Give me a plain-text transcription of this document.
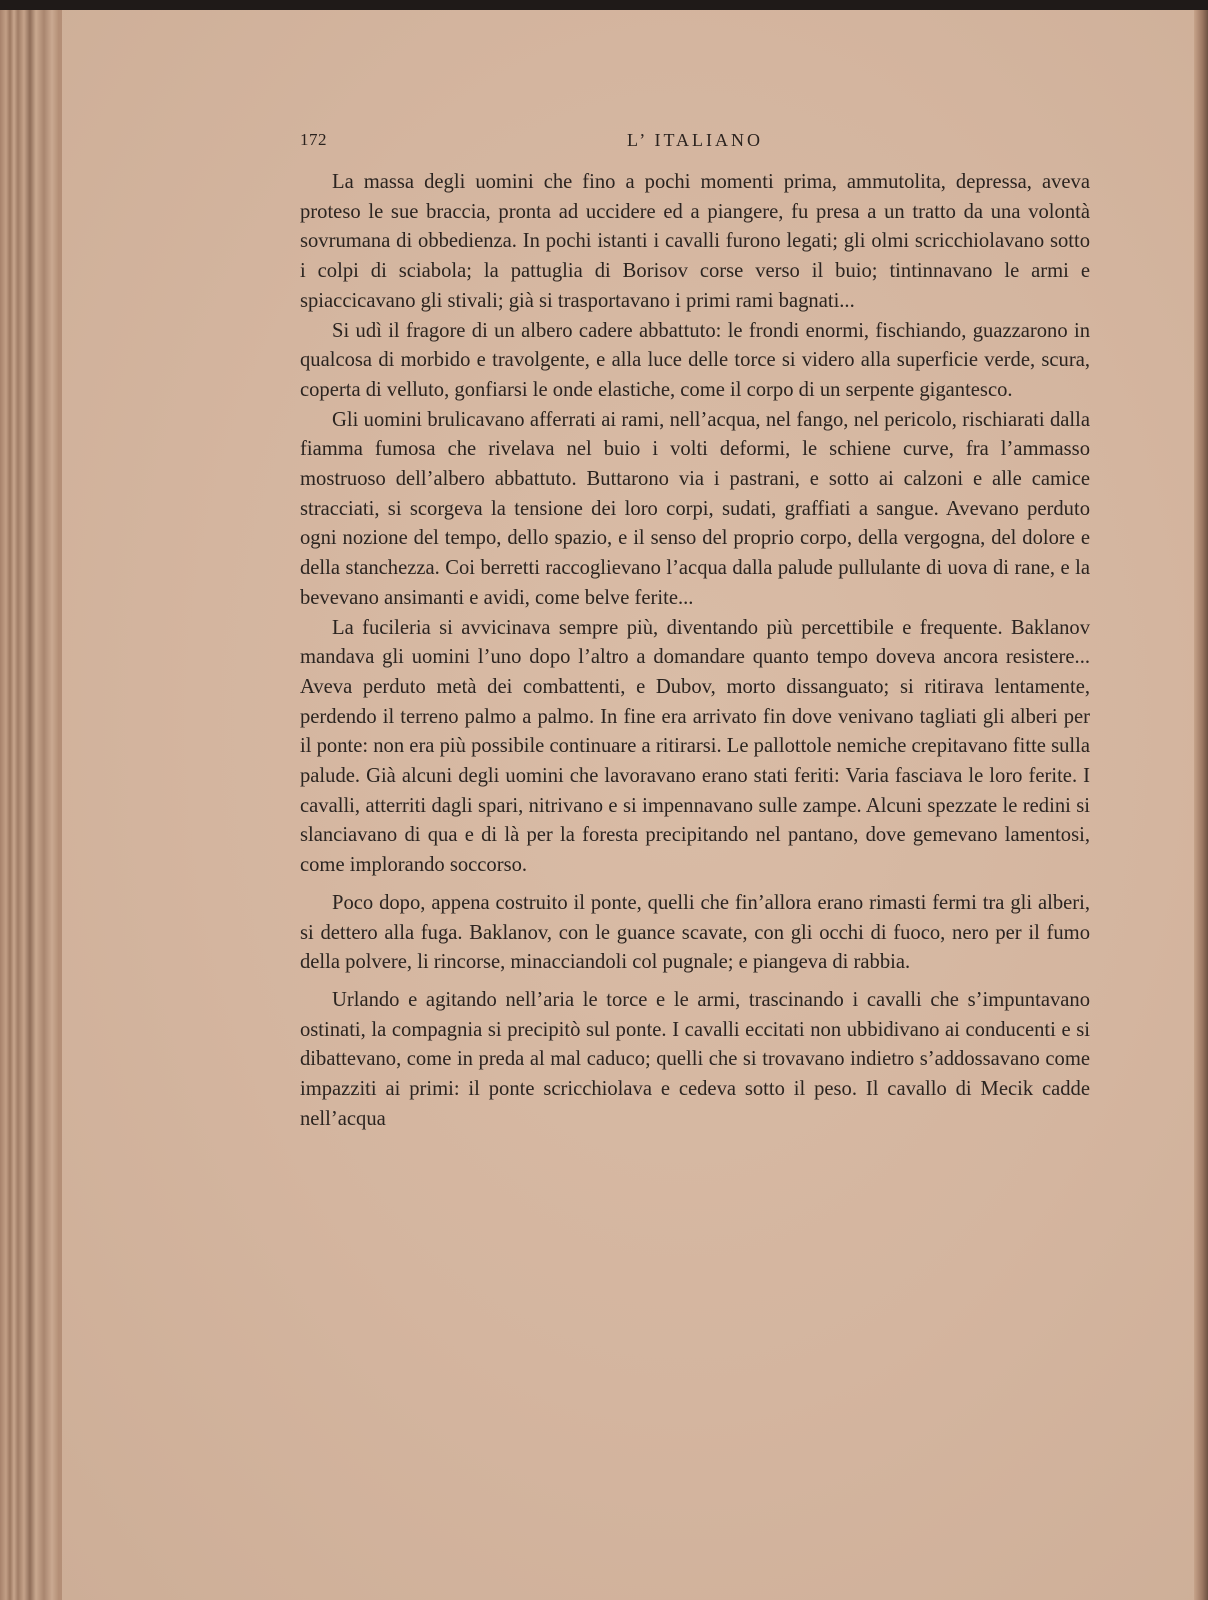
172	L’ ITALIANO

La massa degli uomini che fino a pochi momenti prima, ammutolita, depressa, aveva proteso le sue braccia, pronta ad uccidere ed a piangere, fu presa a un tratto da una volontà sovrumana di obbedienza. In pochi istanti i cavalli furono legati; gli olmi scricchiolavano sotto i colpi di sciabola; la pattuglia di Borisov corse verso il buio; tintinnavano le armi e spiaccicavano gli stivali; già si trasportavano i primi rami bagnati...

Si udì il fragore di un albero cadere abbattuto: le frondi enormi, fischiando, guazzarono in qualcosa di morbido e travolgente, e alla luce delle torce si videro alla superficie verde, scura, coperta di velluto, gonfiarsi le onde elastiche, come il corpo di un serpente gigantesco.

Gli uomini brulicavano afferrati ai rami, nell’acqua, nel fango, nel pericolo, rischiarati dalla fiamma fumosa che rivelava nel buio i volti deformi, le schiene curve, fra l’ammasso mostruoso dell’albero abbattuto. Buttarono via i pastrani, e sotto ai calzoni e alle camice stracciati, si scorgeva la tensione dei loro corpi, sudati, graffiati a sangue. Avevano perduto ogni nozione del tempo, dello spazio, e il senso del proprio corpo, della vergogna, del dolore e della stanchezza. Coi berretti raccoglievano l’acqua dalla palude pullulante di uova di rane, e la bevevano ansimanti e avidi, come belve ferite...

La fucileria si avvicinava sempre più, diventando più percettibile e frequente. Baklanov mandava gli uomini l’uno dopo l’altro a domandare quanto tempo doveva ancora resistere... Aveva perduto metà dei combattenti, e Dubov, morto dissanguato; si ritirava lentamente, perdendo il terreno palmo a palmo. In fine era arrivato fin dove venivano tagliati gli alberi per il ponte: non era più possibile continuare a ritirarsi. Le pallottole nemiche crepitavano fitte sulla palude. Già alcuni degli uomini che lavoravano erano stati feriti: Varia fasciava le loro ferite. I cavalli, atterriti dagli spari, nitrivano e si impennavano sulle zampe. Alcuni spezzate le redini si slanciavano di qua e di là per la foresta precipitando nel pantano, dove gemevano lamentosi, come implorando soccorso.

Poco dopo, appena costruito il ponte, quelli che fin’allora erano rimasti fermi tra gli alberi, si dettero alla fuga. Baklanov, con le guance scavate, con gli occhi di fuoco, nero per il fumo della polvere, li rincorse, minacciandoli col pugnale; e piangeva di rabbia.

Urlando e agitando nell’aria le torce e le armi, trascinando i cavalli che s’impuntavano ostinati, la compagnia si precipitò sul ponte. I cavalli eccitati non ubbidivano ai conducenti e si dibattevano, come in preda al mal caduco; quelli che si trovavano indietro s’addossavano come impazziti ai primi: il ponte scricchiolava e cedeva sotto il peso. Il cavallo di Mecik cadde nell’acqua
